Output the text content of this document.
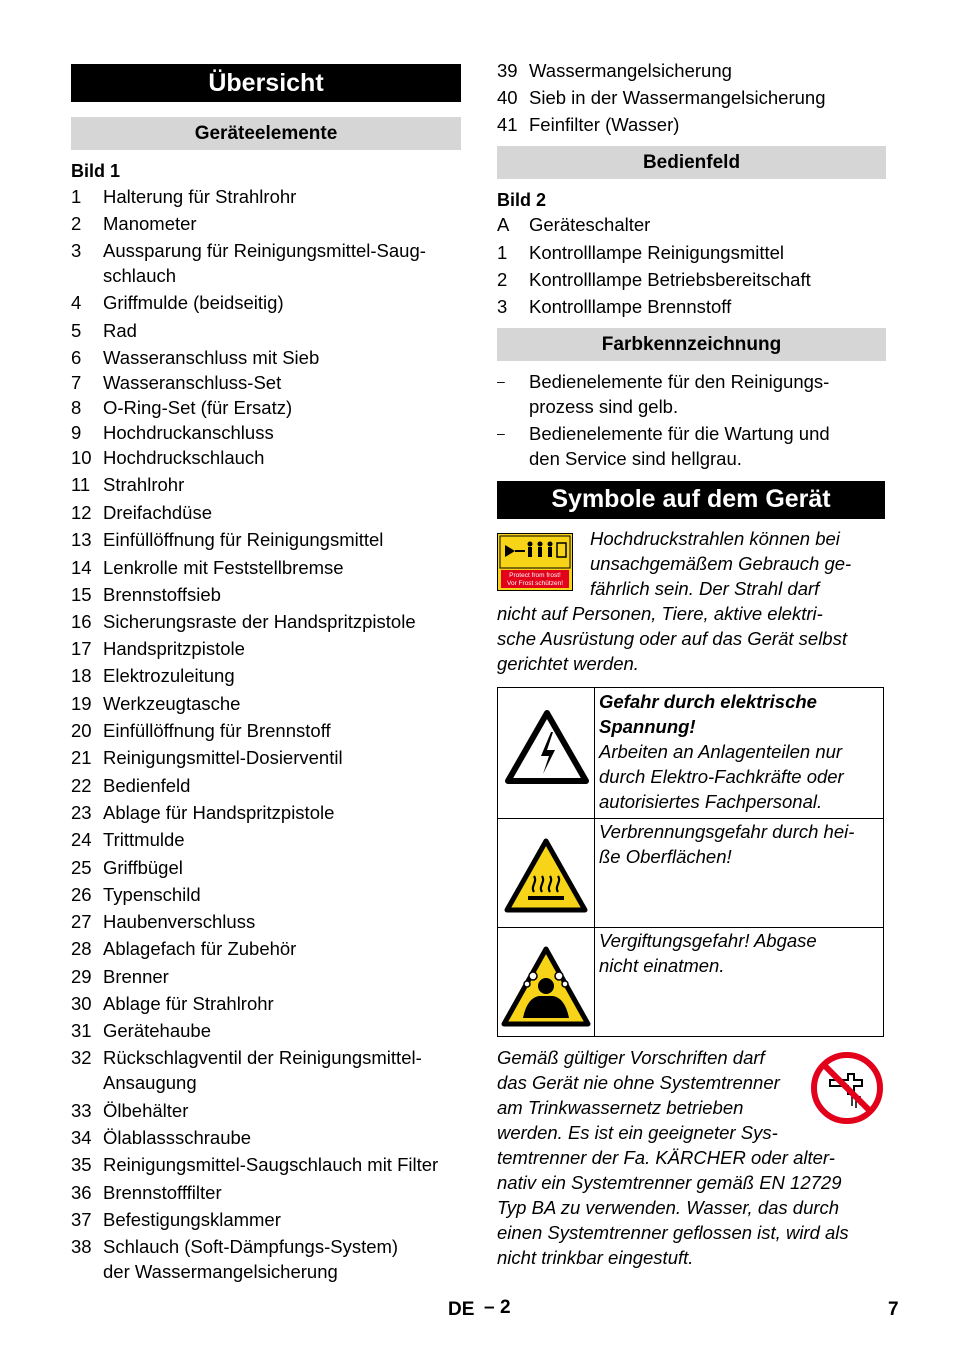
Übersicht
Geräteelemente
Bild 1
1 Halterung für Strahlrohr
2 Manometer
3 Aussparung für Reinigungsmittel-Saug-
schlauch
4 Griffmulde (beidseitig)
5 Rad
6 Wasseranschluss mit Sieb
7 Wasseranschluss-Set
8 O-Ring-Set (für Ersatz)
9 Hochdruckanschluss
10 Hochdruckschlauch
11 Strahlrohr
12 Dreifachdüse
13 Einfüllöffnung für Reinigungsmittel
14 Lenkrolle mit Feststellbremse
15 Brennstoffsieb
16 Sicherungsraste der Handspritzpistole
17 Handspritzpistole
18 Elektrozuleitung
19 Werkzeugtasche
20 Einfüllöffnung für Brennstoff
21 Reinigungsmittel-Dosierventil
22 Bedienfeld
23 Ablage für Handspritzpistole
24 Trittmulde
25 Griffbügel
26 Typenschild
27 Haubenverschluss
28 Ablagefach für Zubehör
29 Brenner
30 Ablage für Strahlrohr
31 Gerätehaube
32 Rückschlagventil der Reinigungsmittel-
Ansaugung
33 Ölbehälter
34 Ölablassschraube
35 Reinigungsmittel-Saugschlauch mit Filter
36 Brennstofffilter
37 Befestigungsklammer
38 Schlauch (Soft-Dämpfungs-System)
der Wassermangelsicherung
39 Wassermangelsicherung
40 Sieb in der Wassermangelsicherung
41 Feinfilter (Wasser)
Bedienfeld
Bild 2
A Geräteschalter
1 Kontrolllampe Reinigungsmittel
2 Kontrolllampe Betriebsbereitschaft
3 Kontrolllampe Brennstoff
Farbkennzeichnung
– Bedienelemente für den Reinigungs-
prozess sind gelb.
– Bedienelemente für die Wartung und
den Service sind hellgrau.
Symbole auf dem Gerät
Protect from frost!
Vor Frost schützen!
Hochdruckstrahlen können bei
unsachgemäßem Gebrauch ge-
fährlich sein. Der Strahl darf
nicht auf Personen, Tiere, aktive elektri-
sche Ausrüstung oder auf das Gerät selbst
gerichtet werden.
Gefahr durch elektrische
Spannung!
Arbeiten an Anlagenteilen nur
durch Elektro-Fachkräfte oder
autorisiertes Fachpersonal.
Verbrennungsgefahr durch hei-
ße Oberflächen!
Vergiftungsgefahr! Abgase
nicht einatmen.
Gemäß gültiger Vorschriften darf
das Gerät nie ohne Systemtrenner
am Trinkwassernetz betrieben
werden. Es ist ein geeigneter Sys-
temtrenner der Fa. KÄRCHER oder alter-
nativ ein Systemtrenner gemäß EN 12729
Typ BA zu verwenden. Wasser, das durch
einen Systemtrenner geflossen ist, wird als
nicht trinkbar eingestuft.
DE – 2	7
